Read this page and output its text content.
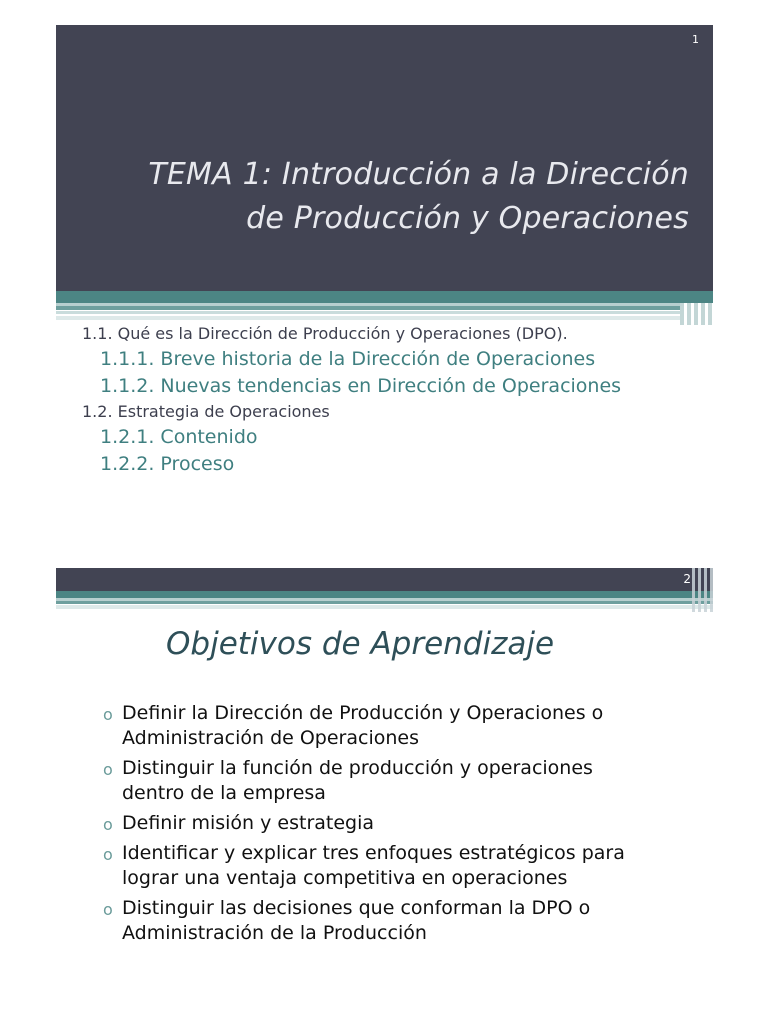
1
TEMA 1: Introducción a la Dirección
de Producción y Operaciones
1.1. Qué es la Dirección de Producción y Operaciones (DPO).
1.1.1. Breve historia de la Dirección de Operaciones
1.1.2. Nuevas tendencias en Dirección de Operaciones
1.2. Estrategia de Operaciones
1.2.1. Contenido
1.2.2. Proceso
2
Objetivos de Aprendizaje
o Definir la Dirección de Producción y Operaciones o
Administración de Operaciones
o Distinguir la función de producción y operaciones
dentro de la empresa
o Definir misión y estrategia
o Identificar y explicar tres enfoques estratégicos para
lograr una ventaja competitiva en operaciones
o Distinguir las decisiones que conforman la DPO o
Administración de la Producción
